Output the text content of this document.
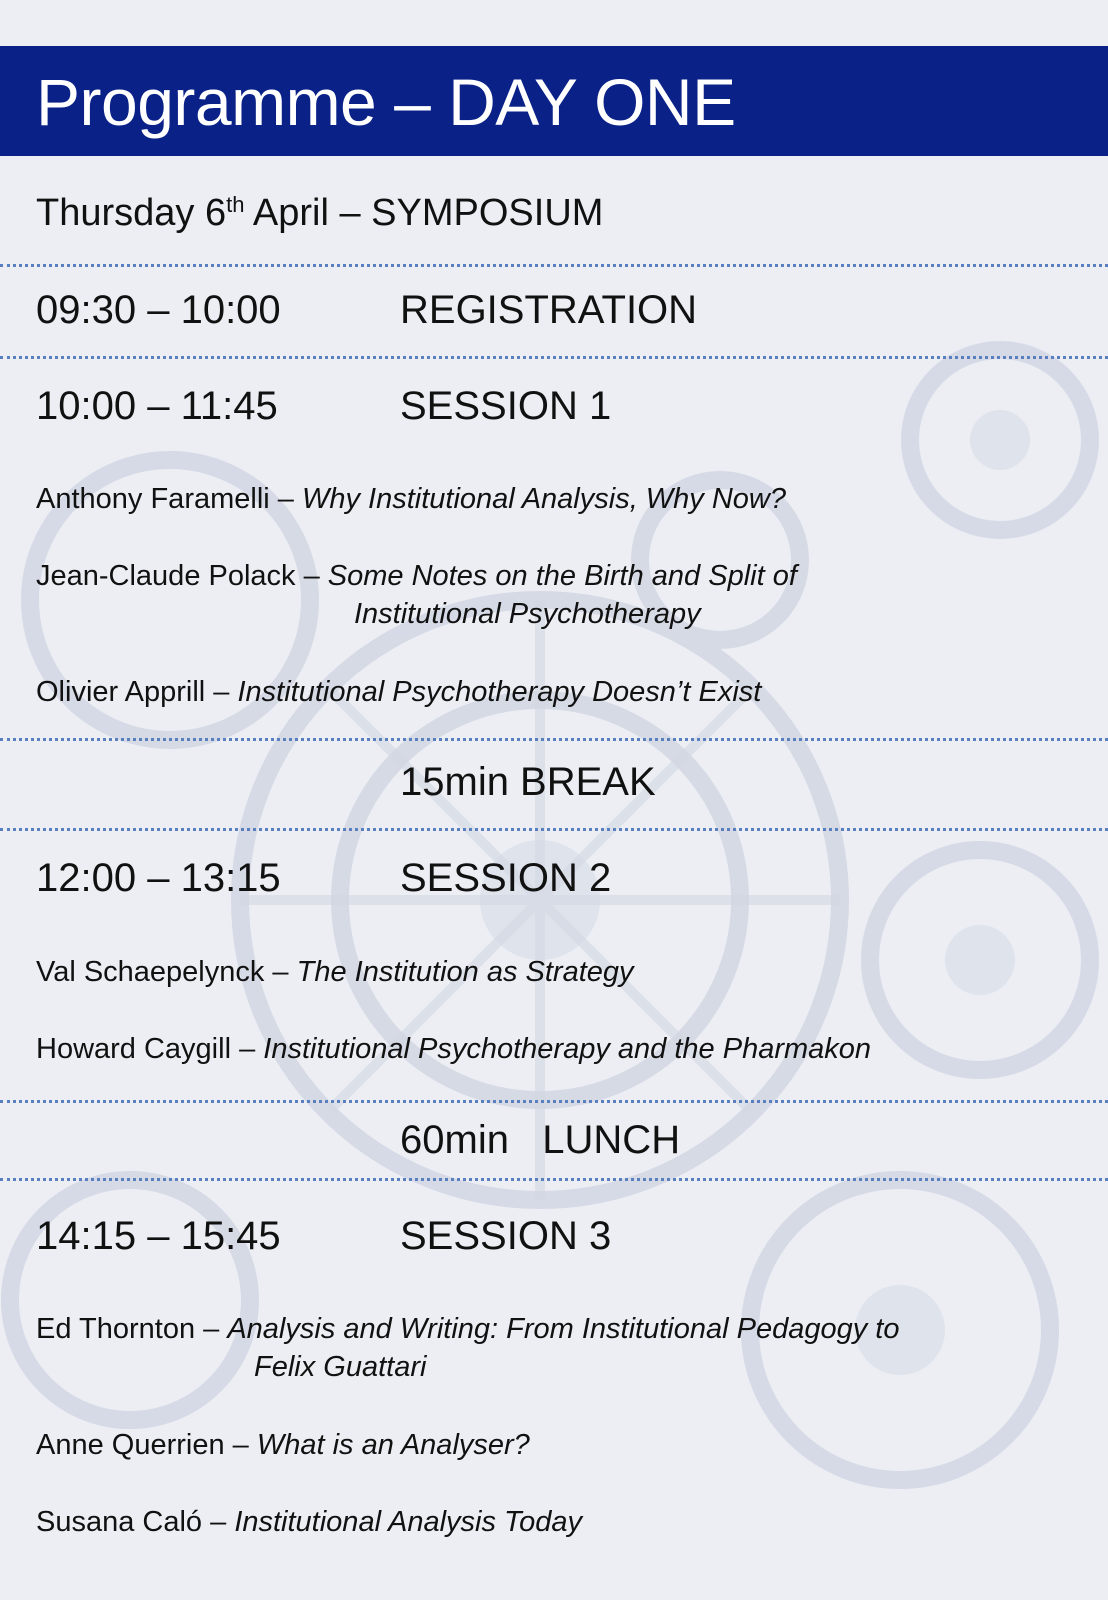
Programme – DAY ONE
Thursday 6th April – SYMPOSIUM
09:30 – 10:00	REGISTRATION
10:00 – 11:45	SESSION 1
Anthony Faramelli – Why Institutional Analysis, Why Now?
Jean-Claude Polack – Some Notes on the Birth and Split of
Institutional Psychotherapy
Olivier Apprill – Institutional Psychotherapy Doesn’t Exist
15min BREAK
12:00 – 13:15	SESSION 2
Val Schaepelynck – The Institution as Strategy
Howard Caygill – Institutional Psychotherapy and the Pharmakon
60min   LUNCH
14:15 – 15:45	SESSION 3
Ed Thornton – Analysis and Writing: From Institutional Pedagogy to
Felix Guattari
Anne Querrien – What is an Analyser?
Susana Caló – Institutional Analysis Today
